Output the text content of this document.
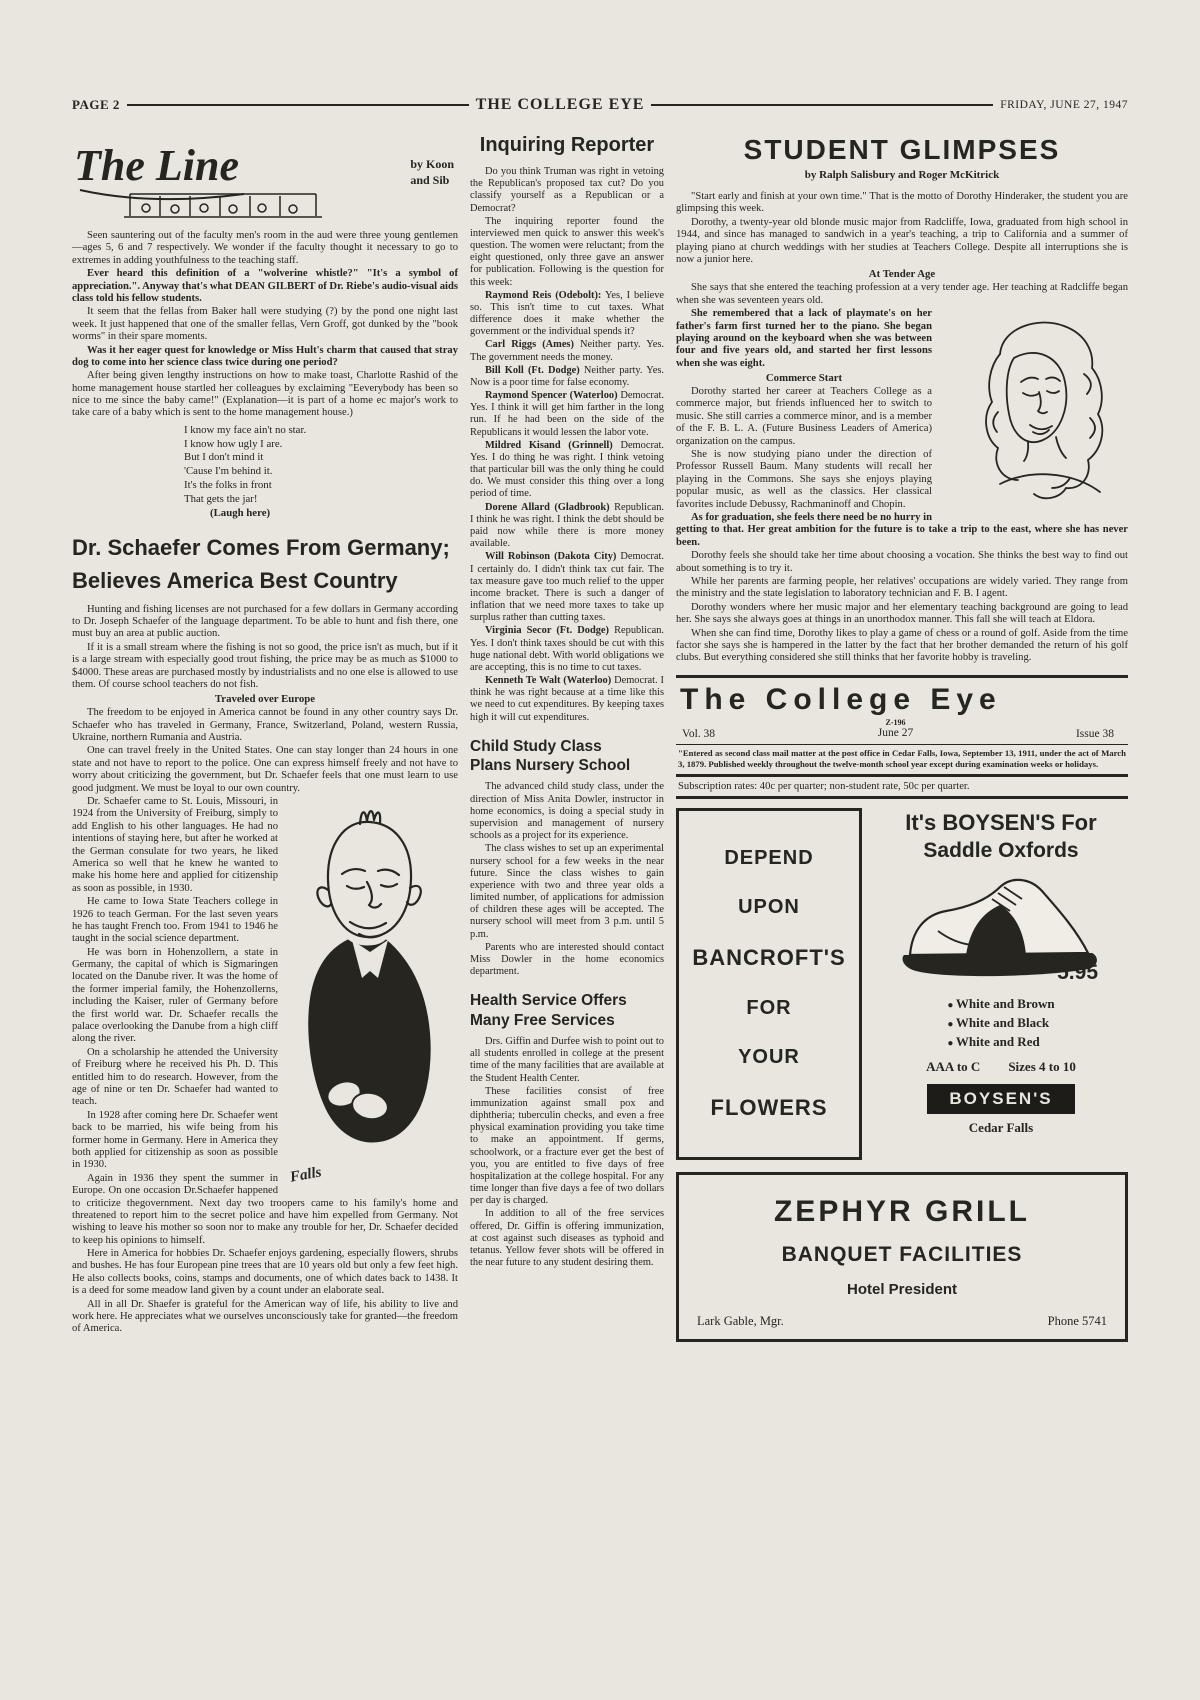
PAGE 2	THE COLLEGE EYE	FRIDAY, JUNE 27, 1947
The Line	by Koon
and Sib

Seen sauntering out of the faculty men's room in the aud were three young gentlemen—ages 5, 6 and 7 respectively. We wonder if the faculty thought it necessary to go to extremes in adding youthfulness to the teaching staff.

Ever heard this definition of a "wolverine whistle?" "It's a symbol of appreciation.". Anyway that's what DEAN GILBERT of Dr. Riebe's audio-visual aids class told his fellow students.

It seem that the fellas from Baker hall were studying (?) by the pond one night last week. It just happened that one of the smaller fellas, Vern Groff, got dunked by the "book worms" in their spare moments.

Was it her eager quest for knowledge or Miss Hult's charm that caused that stray dog to come into her science class twice during one period?

After being given lengthy instructions on how to make toast, Charlotte Rashid of the home management house startled her colleagues by exclaiming "Eeverybody has been so nice to me since the baby came!" (Explanation—it is part of a home ec major's work to take care of a baby which is sent to the home management house.)

I know my face ain't no star.
I know how ugly I are.
But I don't mind it
'Cause I'm behind it.
It's the folks in front
That gets the jar!
(Laugh here)
Dr. Schaefer Comes From Germany;
Believes America Best Country

Hunting and fishing licenses are not purchased for a few dollars in Germany according to Dr. Joseph Schaefer of the language department. To be able to hunt and fish there, one must buy an area at public auction.

If it is a small stream where the fishing is not so good, the price isn't as much, but if it is a large stream with especially good trout fishing, the price may be as much as $1000 to $4000. These areas are purchased mostly by industrialists and no one else is allowed to use them. Of course school teachers do not fish.

Traveled over Europe

The freedom to be enjoyed in America cannot be found in any other country says Dr. Schaefer who has traveled in Germany, France, Switzerland, Poland, western Russia, Ukraine, northern Rumania and Austria.

One can travel freely in the United States. One can stay longer than 24 hours in one state and not have to report to the police. One can express himself freely and not have to worry about criticizing the government, but Dr. Schaefer feels that one must learn to use good judgment. We must be loyal to our own country.

Falls

Dr. Schaefer came to St. Louis, Missouri, in 1924 from the University of Freiburg, simply to add English to his other languages. He had no intentions of staying here, but after he worked at the German consulate for two years, he liked America so well that he knew he wanted to make his home here and applied for citizenship as soon as possible, in 1930.

He came to Iowa State Teachers college in 1926 to teach German. For the last seven years he has taught French too. From 1941 to 1946 he taught in the social science department.

He was born in Hohenzollern, a state in Germany, the capital of which is Sigmaringen located on the Danube river. It was the home of the former imperial family, the Hohenzollerns, including the Kaiser, ruler of Germany before the first world war. Dr. Schaefer recalls the palace overlooking the Danube from a high cliff along the river.

On a scholarship he attended the University of Freiburg where he received his Ph. D. This entitled him to do research. However, from the age of nine or ten Dr. Schaefer had wanted to teach.

In 1928 after coming here Dr. Schaefer went back to be married, his wife being from his former home in Germany. Here in America they both applied for citizenship as soon as possible in 1930.

Again in 1936 they spent the summer in Europe. On one occasion Dr.Schaefer happened to criticize thegovernment. Next day two troopers came to his family's home and threatened to report him to the secret police and have him expelled from Germany. Not wishing to leave his mother so soon nor to make any trouble for her, Dr. Schaefer decided to keep his opinions to himself.

Here in America for hobbies Dr. Schaefer enjoys gardening, especially flowers, shrubs and bushes. He has four European pine trees that are 10 years old but only a few feet high. He also collects books, coins, stamps and documents, one of which dates back to 1438. It is a deed for some meadow land given by a count under an elaborate seal.

All in all Dr. Shaefer is grateful for the American way of life, his ability to live and work here. He appreciates what we ourselves unconsciously take for granted—the freedom of America.

Inquiring Reporter

Do you think Truman was right in vetoing the Republican's proposed tax cut? Do you classify yourself as a Republican or a Democrat?

The inquiring reporter found the interviewed men quick to answer this week's question. The women were reluctant; from the eight questioned, only three gave an answer for publication. Following is the question for this week:

Raymond Reis (Odebolt): Yes, I believe so. This isn't time to cut taxes. What difference does it make whether the government or the individual spends it?

Carl Riggs (Ames) Neither party. Yes. The government needs the money.

Bill Koll (Ft. Dodge) Neither party. Yes. Now is a poor time for false economy.

Raymond Spencer (Waterloo) Democrat. Yes. I think it will get him farther in the long run. If he had been on the side of the Republicans it would lessen the labor vote.

Mildred Kisand (Grinnell) Democrat. Yes. I do thing he was right. I think vetoing that particular bill was the only thing he could do. We must consider this thing over a long period of time.

Dorene Allard (Gladbrook) Republican. I think he was right. I think the debt should be paid now while there is more money available.

Will Robinson (Dakota City) Democrat. I certainly do. I didn't think tax cut fair. The tax measure gave too much relief to the upper income bracket. There is such a danger of inflation that we need more taxes to take up surplus rather than cutting taxes.

Virginia Secor (Ft. Dodge) Republican. Yes. I don't think taxes should be cut with this huge national debt. With world obligations we are accepting, this is no time to cut taxes.

Kenneth Te Walt (Waterloo) Democrat. I think he was right because at a time like this we need to cut expenditures. By keeping taxes high it will cut expenditures.

Child Study Class
Plans Nursery School

The advanced child study class, under the direction of Miss Anita Dowler, instructor in home economics, is doing a special study in supervision and management of nursery schools as a project for its experience.

The class wishes to set up an experimental nursery school for a few weeks in the near future. Since the class wishes to gain experience with two and three year olds a limited number, of applications for admission of children these ages will be accepted. The nursery school will meet from 3 p.m. until 5 p.m.

Parents who are interested should contact Miss Dowler in the home economics department.

Health Service Offers
Many Free Services

Drs. Giffin and Durfee wish to point out to all students enrolled in college at the present time of the many facilities that are available at the Student Health Center.

These facilities consist of free immunization against small pox and diphtheria; tuberculin checks, and even a free physical examination providing you take time to make an appointment. If germs, schoolwork, or a fracture ever get the best of you, you are entitled to five days of free hospitalization at the college hospital. For any time longer than five days a fee of two dollars per day is charged.

In addition to all of the free services offered, Dr. Giffin is offering immunization, at cost against such diseases as typhoid and tetanus. Yellow fever shots will be offered in the near future to any student desiring them.

STUDENT GLIMPSES
by Ralph Salisbury and Roger McKitrick

"Start early and finish at your own time." That is the motto of Dorothy Hinderaker, the student you are glimpsing this week.

Dorothy, a twenty-year old blonde music major from Radcliffe, Iowa, graduated from high school in 1944, and since has managed to sandwich in a year's teaching, a trip to California and a summer of playing piano at church weddings with her studies at Teachers College. Despite all interruptions she is now a junior here.

At Tender Age

She says that she entered the teaching profession at a very tender age. Her teaching at Radcliffe began when she was seventeen years old.

She remembered that a lack of playmate's on her father's farm first turned her to the piano. She began playing around on the keyboard when she was between four and five years old, and started her first lessons when she was eight.

Commerce Start

Dorothy started her career at Teachers College as a commerce major, but friends influenced her to switch to music. She still carries a commerce minor, and is a member of the F. B. L. A. (Future Business Leaders of America) organization on the campus.

She is now studying piano under the direction of Professor Russell Baum. Many students will recall her playing in the Commons. She says she enjoys playing popular music, as well as the classics. Her classical favorites include Debussy, Rachmaninoff and Chopin.

As for graduation, she feels there need be no hurry in getting to that. Her great ambition for the future is to take a trip to the east, where she has never been.

Dorothy feels she should take her time about choosing a vocation. She thinks the best way to find out about something is to try it.

While her parents are farming people, her relatives' occupations are widely varied. They range from the ministry and the state legislation to laboratory technician and F. B. I agent.

Dorothy wonders where her music major and her elementary teaching background are going to lead her. She says she always goes at things in an unorthodox manner. This fall she will teach at Eldora.

When she can find time, Dorothy likes to play a game of chess or a round of golf. Aside from the time factor she says she is hampered in the latter by the fact that her brother demanded the return of his golf clubs. But everything considered she still thinks that her favorite hobby is traveling.

The College Eye
Vol. 38
Z-196
June 27	Issue 38

"Entered as second class mail matter at the post office in Cedar Falls, Iowa, September 13, 1911, under the act of March 3, 1879. Published weekly throughout the twelve-month school year except during examination weeks or holidays.

Subscription rates: 40c per quarter; non-student rate, 50c per quarter.

DEPEND
UPON
BANCROFT'S
FOR
YOUR
FLOWERS
It's BOYSEN'S For
Saddle Oxfords
5.95
● White and Brown
● White and Black
● White and Red
AAA to C Sizes 4 to 10
BOYSEN'S
Cedar Falls
ZEPHYR GRILL
BANQUET FACILITIES
Hotel President
Lark Gable, Mgr.	Phone 5741
